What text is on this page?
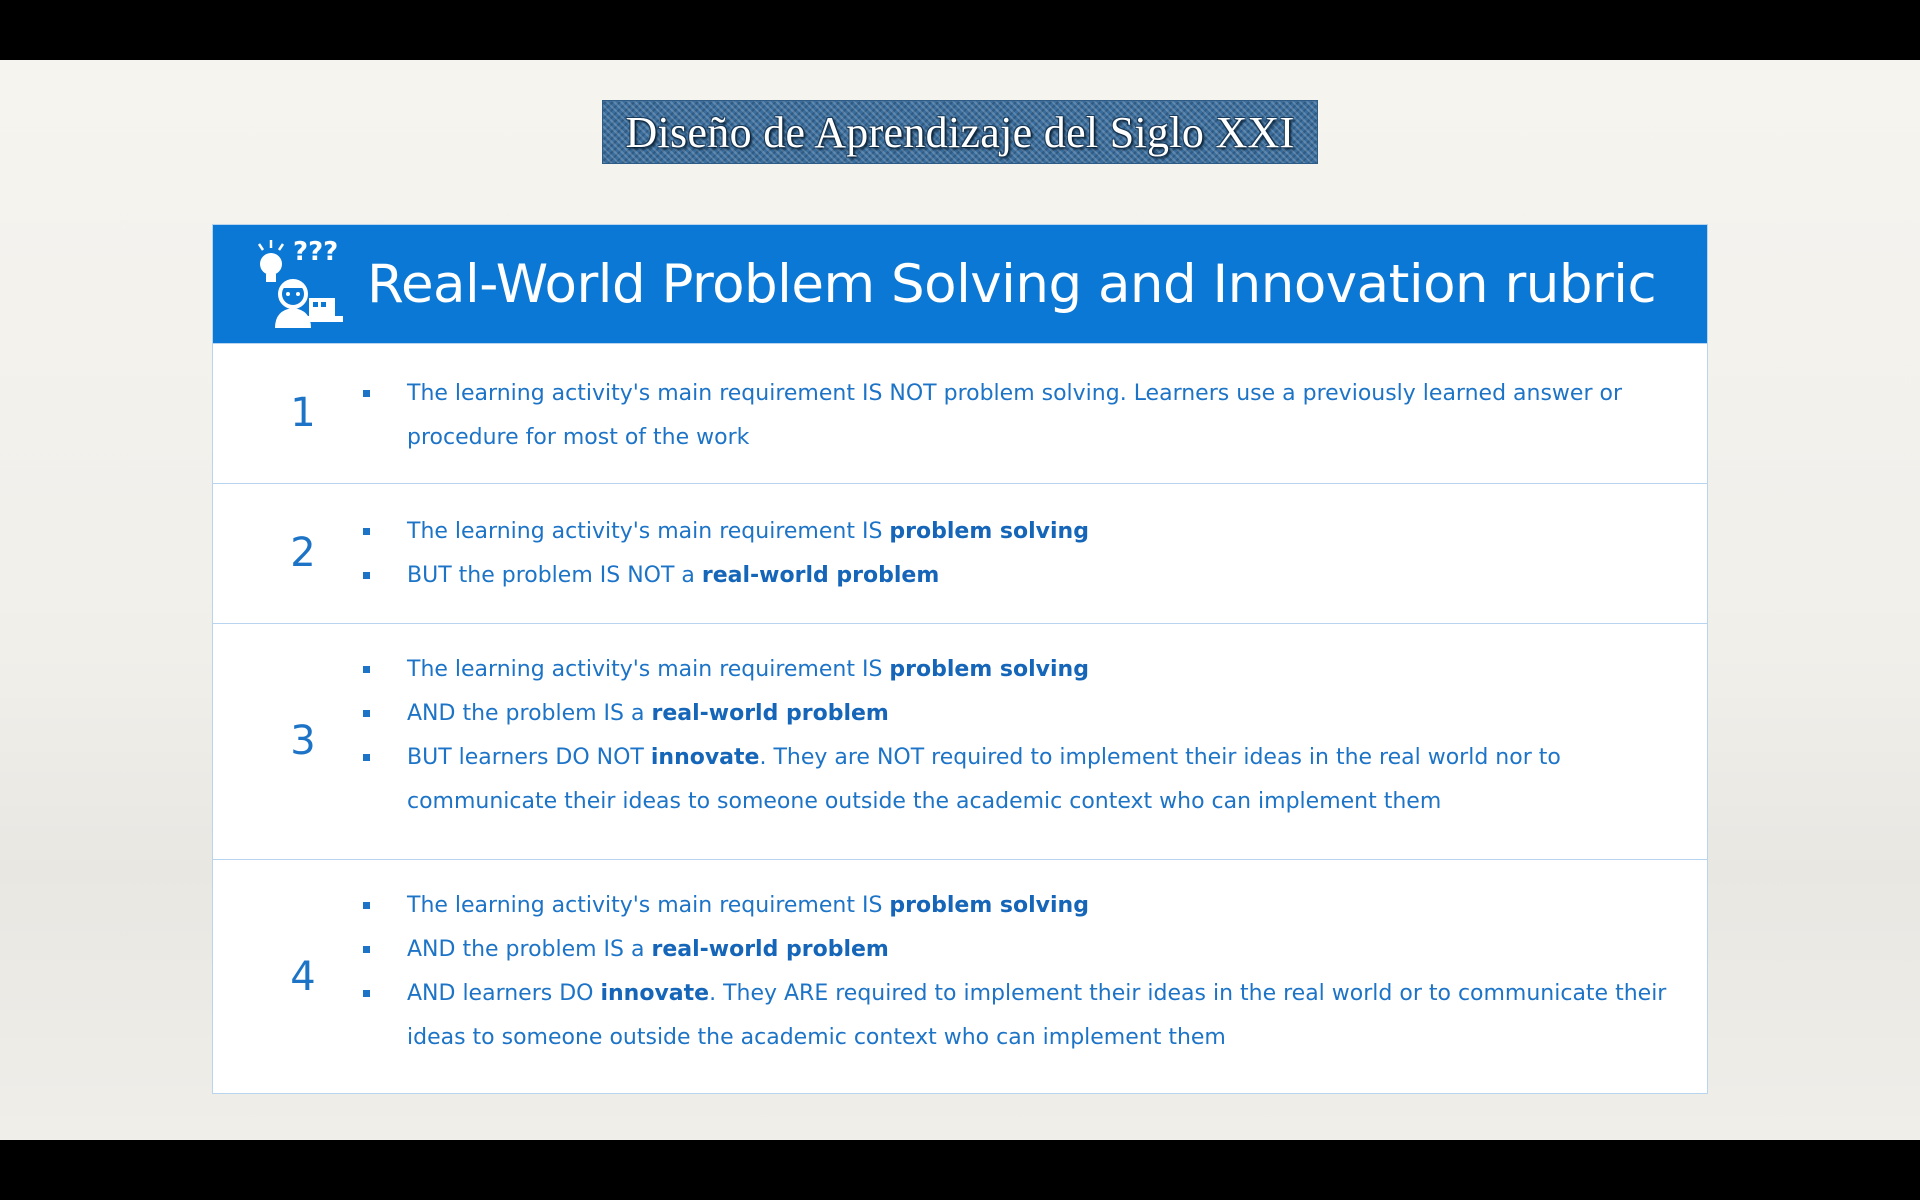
Diseño de Aprendizaje del Siglo XXI
???
Real-World Problem Solving and Innovation rubric
1	The learning activity's main requirement IS NOT problem solving. Learners use a previously learned answer or procedure for most of the work
2	The learning activity's main requirement IS problem solving
BUT the problem IS NOT a real-world problem
3
The learning activity's main requirement IS problem solving
AND the problem IS a real-world problem
BUT learners DO NOT innovate. They are NOT required to implement their ideas in the real world nor to communicate their ideas to someone outside the academic context who can implement them
4
The learning activity's main requirement IS problem solving
AND the problem IS a real-world problem
AND learners DO innovate. They ARE required to implement their ideas in the real world or to communicate their ideas to someone outside the academic context who can implement them
